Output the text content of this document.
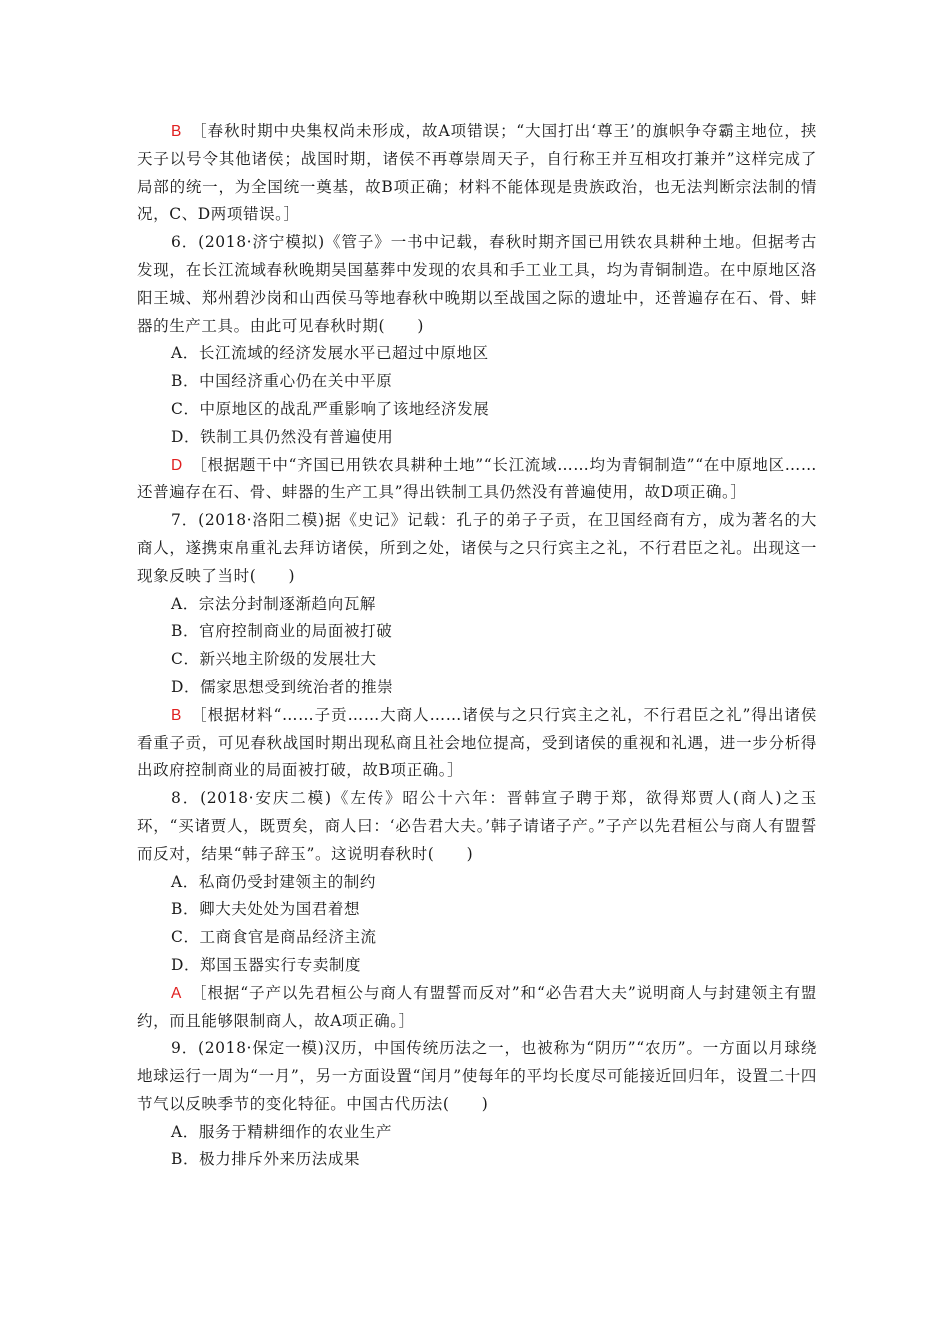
B　 ［春秋时期中央集权尚未形成，故A项错误；“大国打出‘尊王’的旗帜争夺霸主地位，挟天子以号令其他诸侯；战国时期，诸侯不再尊崇周天子，自行称王并互相攻打兼并”这样完成了局部的统一，为全国统一奠基，故B项正确；材料不能体现是贵族政治，也无法判断宗法制的情况，C、D两项错误。］

6．(2018·济宁模拟)《管子》一书中记载，春秋时期齐国已用铁农具耕种土地。但据考古发现，在长江流域春秋晚期吴国墓葬中发现的农具和手工业工具，均为青铜制造。在中原地区洛阳王城、郑州碧沙岗和山西侯马等地春秋中晚期以至战国之际的遗址中，还普遍存在石、骨、蚌器的生产工具。由此可见春秋时期(　　)

A．长江流域的经济发展水平已超过中原地区
B．中国经济重心仍在关中平原
C．中原地区的战乱严重影响了该地经济发展
D．铁制工具仍然没有普遍使用

D　 ［根据题干中“齐国已用铁农具耕种土地”“长江流域……均为青铜制造”“在中原地区……还普遍存在石、骨、蚌器的生产工具”得出铁制工具仍然没有普遍使用，故D项正确。］

7．(2018·洛阳二模)据《史记》记载：孔子的弟子子贡，在卫国经商有方，成为著名的大商人，遂携束帛重礼去拜访诸侯，所到之处，诸侯与之只行宾主之礼，不行君臣之礼。出现这一现象反映了当时(　　)

A．宗法分封制逐渐趋向瓦解
B．官府控制商业的局面被打破
C．新兴地主阶级的发展壮大
D．儒家思想受到统治者的推崇

B　 ［根据材料“……子贡……大商人……诸侯与之只行宾主之礼，不行君臣之礼”得出诸侯看重子贡，可见春秋战国时期出现私商且社会地位提高，受到诸侯的重视和礼遇，进一步分析得出政府控制商业的局面被打破，故B项正确。］

8．(2018·安庆二模)《左传》昭公十六年：晋韩宣子聘于郑，欲得郑贾人(商人)之玉环，“买诸贾人，既贾矣，商人曰：‘必告君大夫。’韩子请诸子产。”子产以先君桓公与商人有盟誓而反对，结果“韩子辞玉”。这说明春秋时(　　)

A．私商仍受封建领主的制约
B．卿大夫处处为国君着想
C．工商食官是商品经济主流
D．郑国玉器实行专卖制度

A　 ［根据“子产以先君桓公与商人有盟誓而反对”和“必告君大夫”说明商人与封建领主有盟约，而且能够限制商人，故A项正确。］

9．(2018·保定一模)汉历，中国传统历法之一，也被称为“阴历”“农历”。一方面以月球绕地球运行一周为“一月”，另一方面设置“闰月”使每年的平均长度尽可能接近回归年，设置二十四节气以反映季节的变化特征。中国古代历法(　　)

A．服务于精耕细作的农业生产
B．极力排斥外来历法成果
